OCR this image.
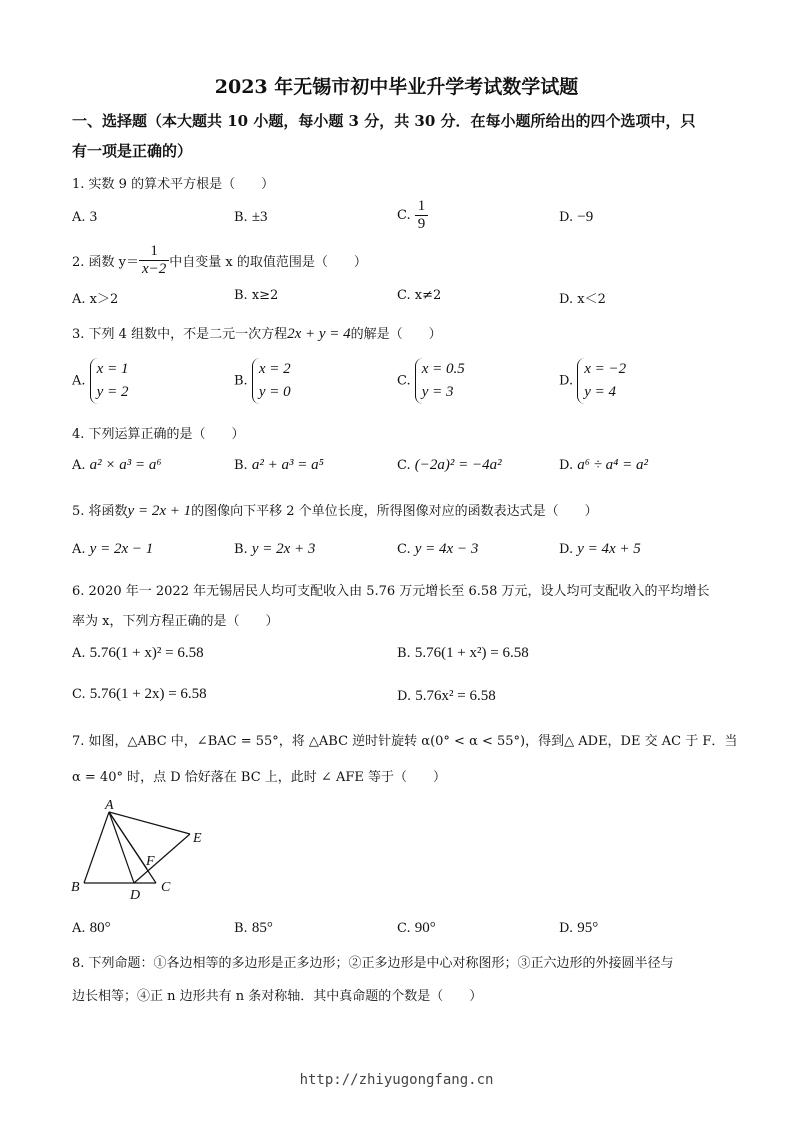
2023 年无锡市初中毕业升学考试数学试题
一、选择题（本大题共 10 小题，每小题 3 分，共 30 分．在每小题所给出的四个选项中，只
有一项是正确的）
1. 实数 9 的算术平方根是（　　）
A. 3	B. ±3	C. $\frac{1}{9}$	D. −9
2. 函数 $y= \frac{1}{x-2}$ 中自变量 x 的取值范围是（　　）
A. x＞2	B. x≥2	C. x≠2	D. x＜2
3. 下列 4 组数中，不是二元一次方程2x + y = 4的解是（　　）
A. x = 1
y = 2
B. x = 2
y = 0
C. x = 0.5
y = 3
D. x = −2
y = 4
4. 下列运算正确的是（　　）
A. a² × a³ = a⁶	B. a² + a³ = a⁵	C. (−2a)² = −4a²	D. a⁶ ÷ a⁴ = a²
5. 将函数y = 2x + 1的图像向下平移 2 个单位长度，所得图像对应的函数表达式是（　　）
A. y = 2x − 1	B. y = 2x + 3	C. y = 4x − 3	D. y = 4x + 5
6. 2020 年一 2022 年无锡居民人均可支配收入由 5.76 万元增长至 6.58 万元，设人均可支配收入的平均增长
率为 x，下列方程正确的是（　　）
A. 5.76(1 + x)² = 6.58	B. 5.76(1 + x²) = 6.58
C. 5.76(1 + 2x) = 6.58	D. 5.76x² = 6.58
7. 如图，△ABC 中，∠BAC = 55°，将 △ABC 逆时针旋转 α(0° < α < 55°)，得到△ ADE，DE 交 AC 于 F．当
α = 40° 时，点 D 恰好落在 BC 上，此时 ∠ AFE 等于（　　）
A
B	C
D
E
F
A. 80°	B. 85°	C. 90°	D. 95°
8. 下列命题：①各边相等的多边形是正多边形；②正多边形是中心对称图形；③正六边形的外接圆半径与
边长相等；④正 n 边形共有 n 条对称轴．其中真命题的个数是（　　）
http://zhiyugongfang.cn
